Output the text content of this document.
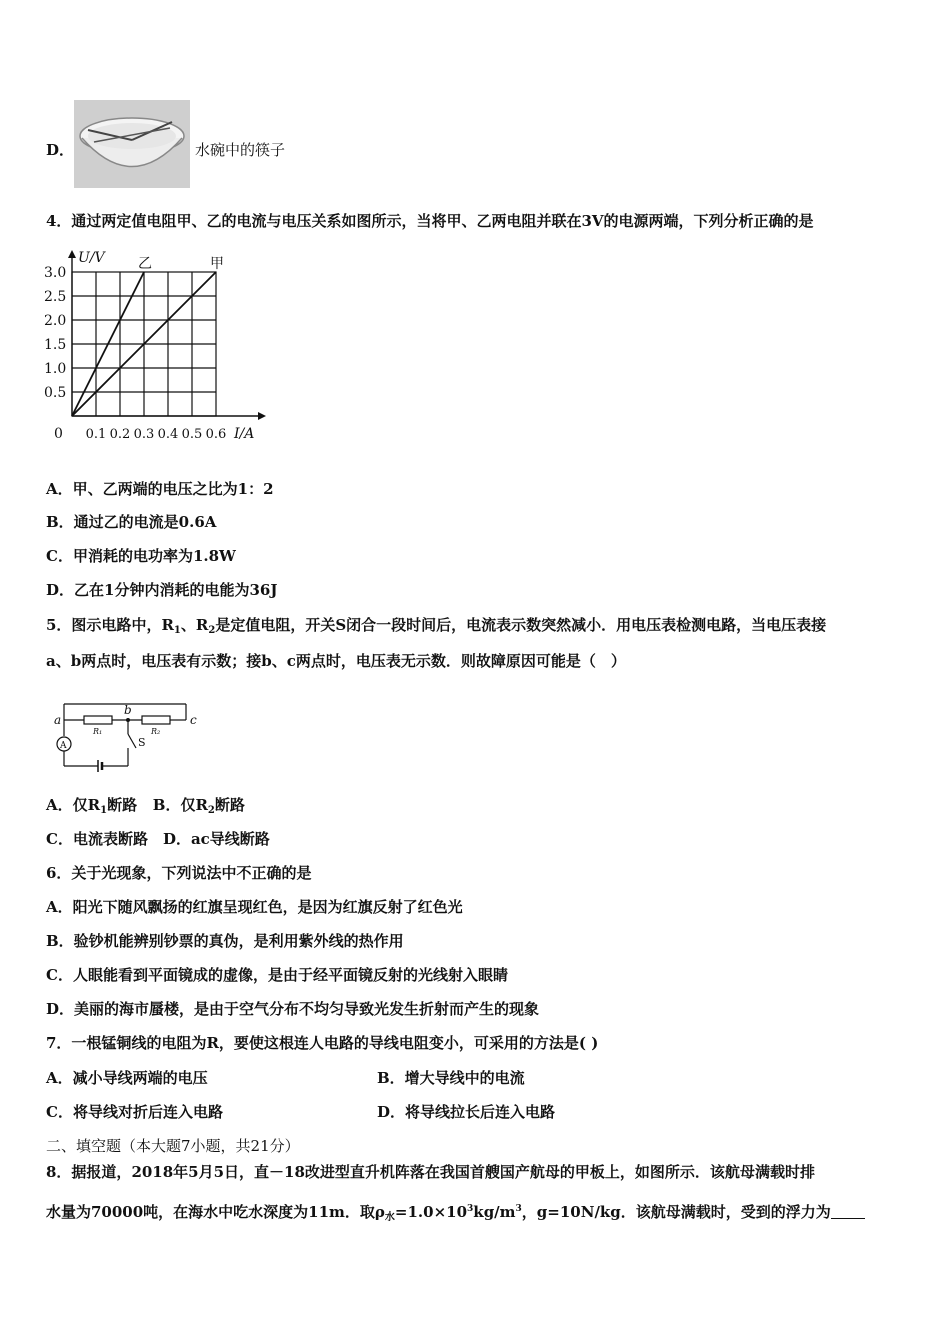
D．	水碗中的筷子
4．通过两定值电阻甲、乙的电流与电压关系如图所示，当将甲、乙两电阻并联在3V的电源两端，下列分析正确的是
U/V
I/A
乙	甲
0
3.0
2.5
2.0
1.5
1.0
0.5
0.1 0.2 0.3 0.4 0.5 0.6
A．甲、乙两端的电压之比为1：2
B．通过乙的电流是0.6A
C．甲消耗的电功率为1.8W
D．乙在1分钟内消耗的电能为36J
5．图示电路中，$R_1$、$R_2$是定值电阻，开关S闭合一段时间后，电流表示数突然减小．用电压表检测电路，当电压表接
a、b两点时，电压表有示数；接b、c两点时，电压表无示数．则故障原因可能是（　）
a
b
c
R₁	R₂
S
A
A．仅$R_1$断路 B．仅$R_2$断路
C．电流表断路　D．ac导线断路
6．关于光现象，下列说法中不正确的是
A．阳光下随风飘扬的红旗呈现红色，是因为红旗反射了红色光
B．验钞机能辨别钞票的真伪，是利用紫外线的热作用
C．人眼能看到平面镜成的虚像，是由于经平面镜反射的光线射入眼睛
D．美丽的海市蜃楼，是由于空气分布不均匀导致光发生折射而产生的现象
7．一根锰铜线的电阻为R，要使这根连人电路的导线电阻变小，可采用的方法是( )
A．减小导线两端的电压	B．增大导线中的电流
C．将导线对折后连入电路	D．将导线拉长后连入电路
二、填空题（本大题7小题，共21分）
8．据报道，2018年5月5日，直－18改进型直升机阵落在我国首艘国产航母的甲板上，如图所示．该航母满载时排
水量为70000吨，在海水中吃水深度为11m．取$\rho_水=1.0\times 10^3kg/m^3$，g=10N/kg．该航母满载时，受到的浮力为
